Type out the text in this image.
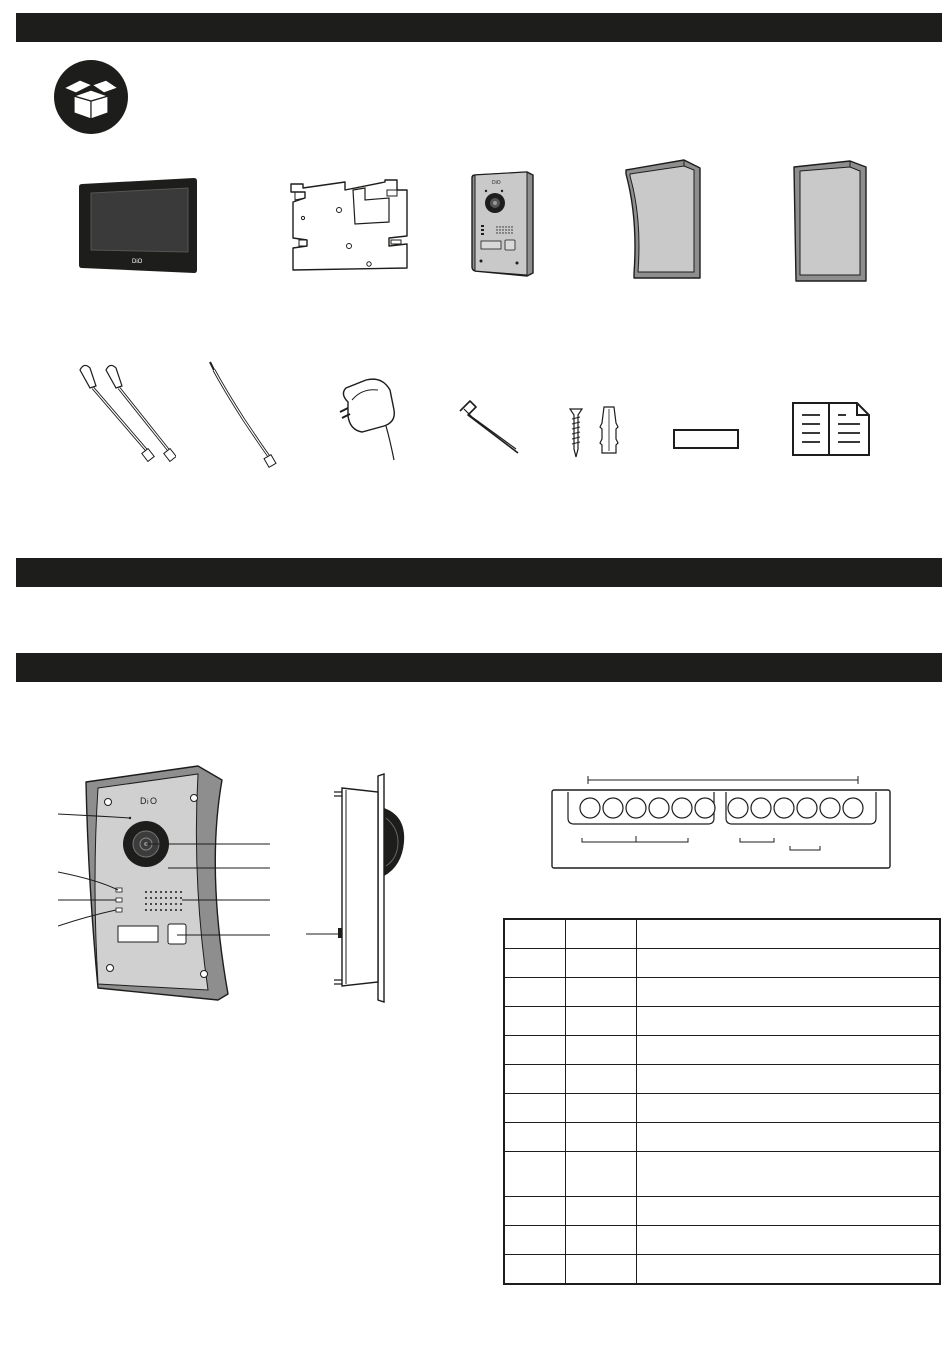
DiO
DiO
D i O
